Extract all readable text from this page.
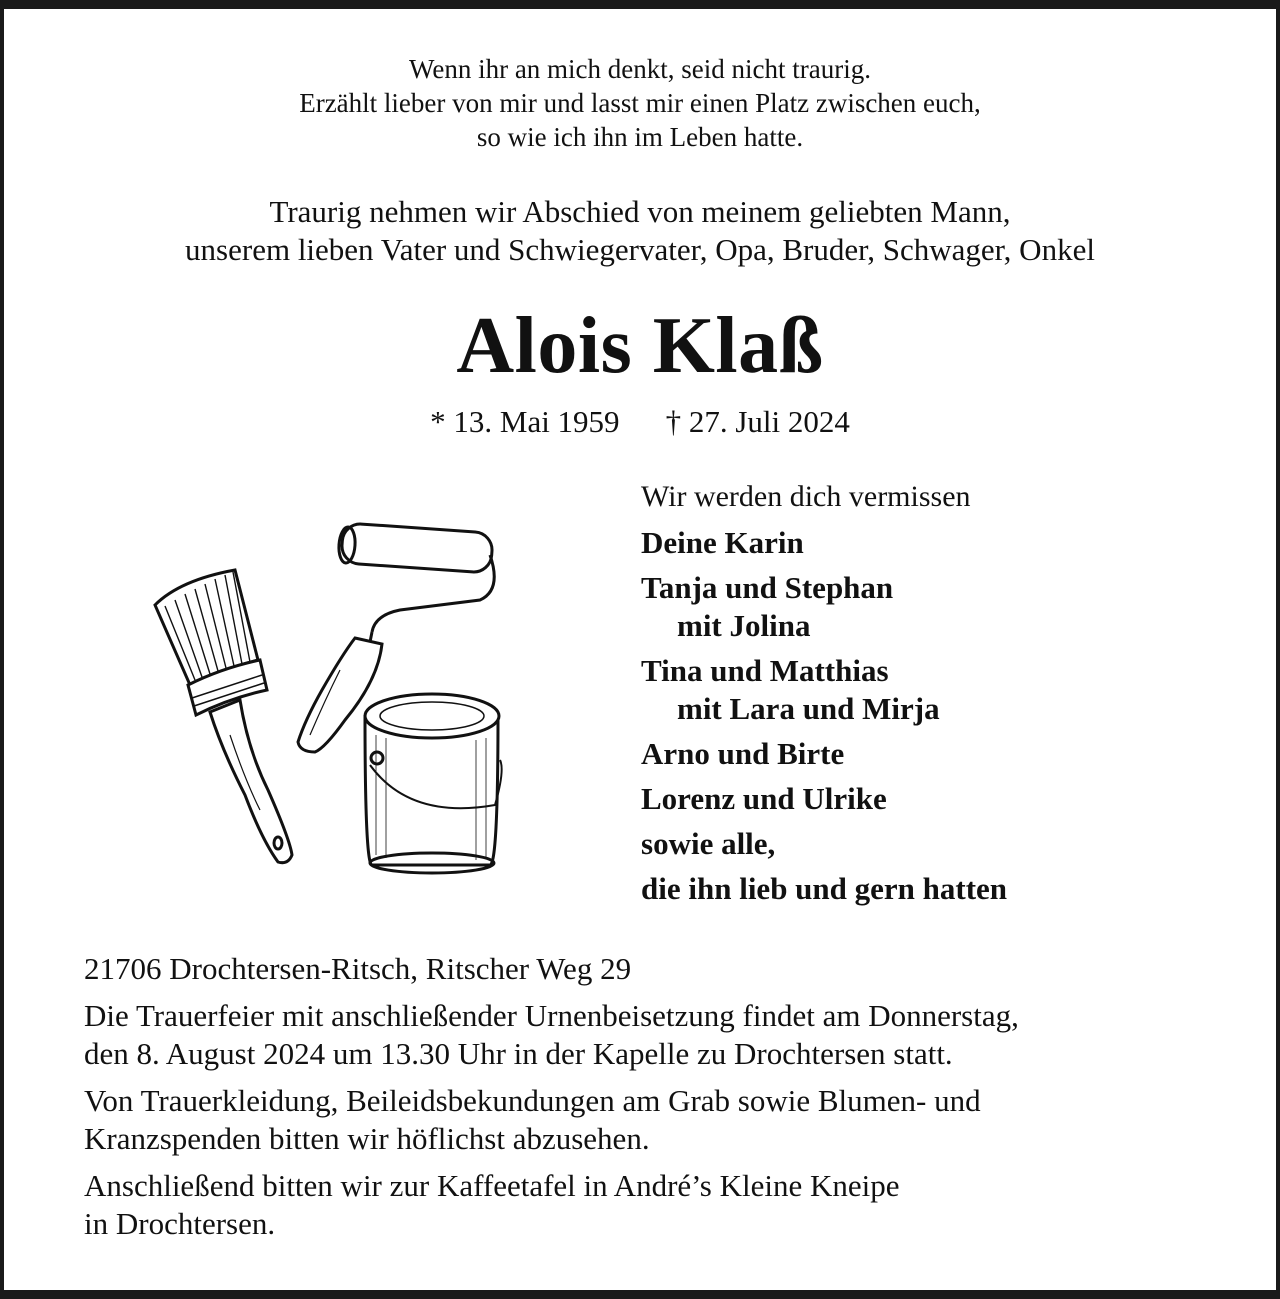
Wenn ihr an mich denkt, seid nicht traurig.
Erzählt lieber von mir und lasst mir einen Platz zwischen euch,
so wie ich ihn im Leben hatte.
Traurig nehmen wir Abschied von meinem geliebten Mann,
unserem lieben Vater und Schwiegervater, Opa, Bruder, Schwager, Onkel
Alois Klaß
* 13. Mai 1959 † 27. Juli 2024
Wir werden dich vermissen
Deine Karin
Tanja und Stephan
mit Jolina
Tina und Matthias
mit Lara und Mirja
Arno und Birte
Lorenz und Ulrike
sowie alle,
die ihn lieb und gern hatten

21706 Drochtersen-Ritsch, Ritscher Weg 29

Die Trauerfeier mit anschließender Urnenbeisetzung findet am Donnerstag,
den 8. August 2024 um 13.30 Uhr in der Kapelle zu Drochtersen statt.

Von Trauerkleidung, Beileidsbekundungen am Grab sowie Blumen- und
Kranzspenden bitten wir höflichst abzusehen.

Anschließend bitten wir zur Kaffeetafel in André’s Kleine Kneipe
in Drochtersen.
